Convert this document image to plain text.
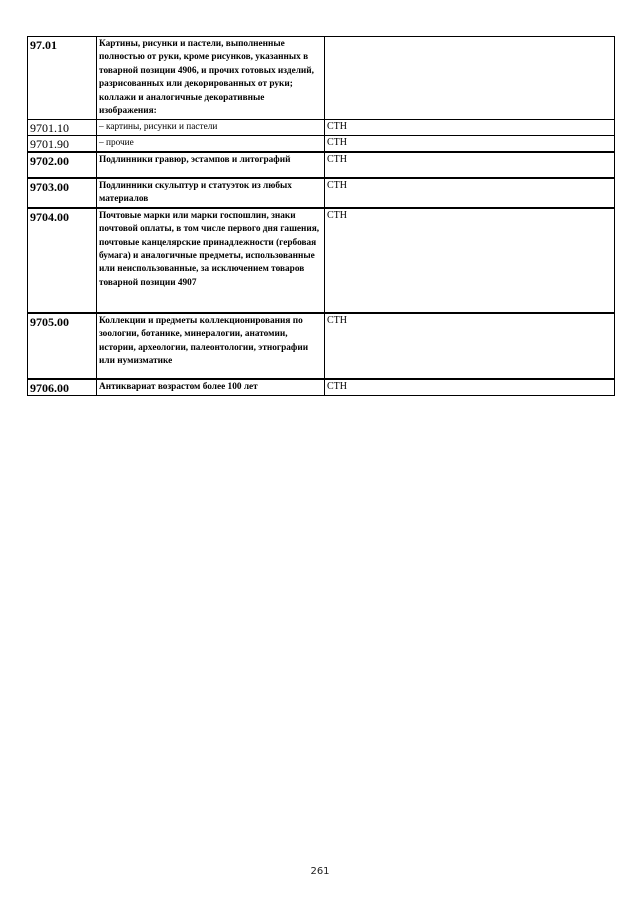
97.01	Картины, рисунки и пастели, выполненные полностью от руки, кроме рисунков, указанных в товарной позиции 4906, и прочих готовых изделий, разрисованных или декорированных от руки; коллажи и аналогичные декоративные изображения:	
9701.10	– картины, рисунки и пастели	СТН
9701.90	– прочие	СТН
9702.00	Подлинники гравюр, эстампов и литографий	СТН
9703.00	Подлинники скульптур и статуэток из любых материалов	СТН
9704.00	Почтовые марки или марки госпошлин, знаки почтовой оплаты, в том числе первого дня гашения, почтовые канцелярские принадлежности (гербовая бумага) и аналогичные предметы, использованные или неиспользованные, за исключением товаров товарной позиции 4907	СТН
9705.00	Коллекции и предметы коллекционирования по зоологии, ботанике, минералогии, анатомии, истории, археологии, палеонтологии, этнографии или нумизматике	СТН
9706.00	Антиквариат возрастом более 100 лет	СТН
261
